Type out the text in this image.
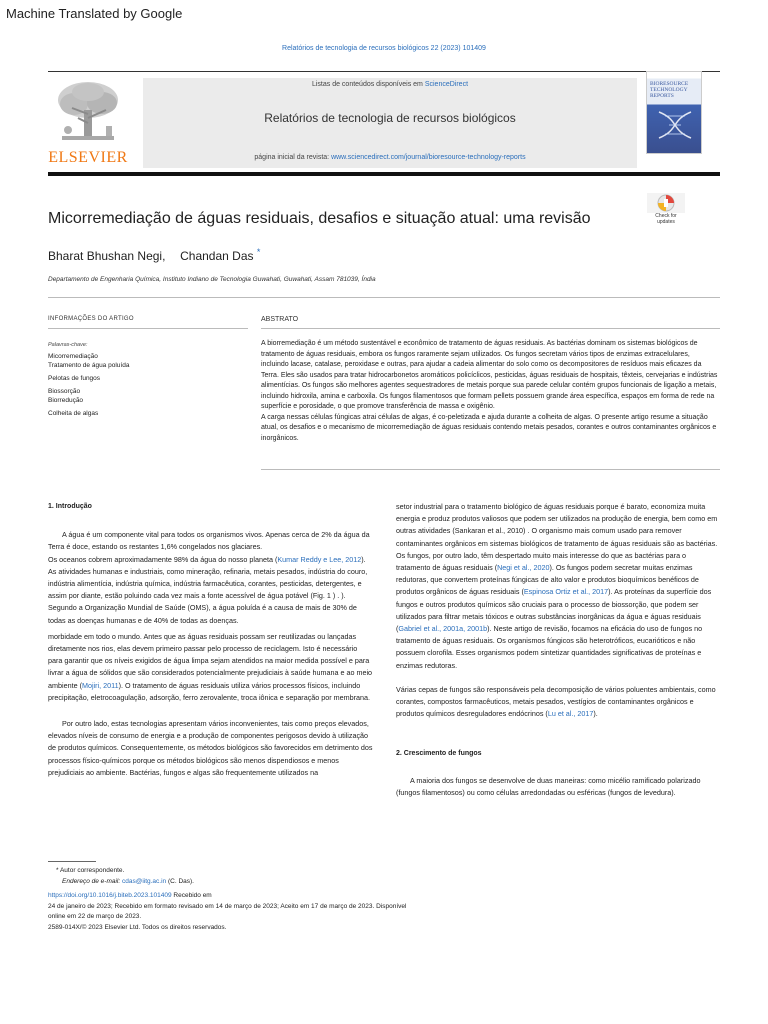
Machine Translated by Google
Relatórios de tecnologia de recursos biológicos 22 (2023) 101409
ELSEVIER
Listas de conteúdos disponíveis em ScienceDirect
Relatórios de tecnologia de recursos biológicos
página inicial da revista: www.sciencedirect.com/journal/bioresource-technology-reports
BIORESOURCE
TECHNOLOGY
REPORTS
Micorremediação de águas residuais, desafios e situação atual: uma revisão	Check for
updates
Bharat Bhushan Negi, Chandan Das *
Departamento de Engenharia Química, Instituto Indiano de Tecnologia Guwahati, Guwahati, Assam 781039, Índia
INFORMAÇÕES DO ARTIGO	ABSTRATO
Palavras-chave:
Micorremediação
Tratamento de água poluída
Pelotas de fungos
Biossorção
Biorredução
Colheita de algas

A biorremediação é um método sustentável e econômico de tratamento de águas residuais. As bactérias dominam os sistemas biológicos de tratamento de águas residuais, embora os fungos raramente sejam utilizados. Os fungos secretam vários tipos de enzimas extracelulares, incluindo lacase, catalase, peroxidase e outras, para ajudar a cadeia alimentar do solo como os decompositores de resíduos mais eficazes da Terra. Eles são usados para tratar hidrocarbonetos aromáticos policíclicos, pesticidas, águas residuais de hospitais, têxteis, cervejarias e indústrias alimentícias. Os fungos são melhores agentes sequestradores de metais porque sua parede celular contém grupos funcionais de ligação a metais, incluindo hidroxila, amina e carboxila. Os fungos filamentosos que formam pellets possuem grande área específica, espaços em forma de rede na superfície e porosidade, o que promove transferência de massa e oxigênio.

A carga nessas células fúngicas atrai células de algas, é co-peletizada e ajuda durante a colheita de algas. O presente artigo resume a situação atual, os desafios e o mecanismo de micorremediação de águas residuais contendo metais pesados, corantes e outros contaminantes orgânicos e inorgânicos.

1. Introdução

A água é um componente vital para todos os organismos vivos. Apenas cerca de 2% da água da Terra é doce, estando os restantes 1,6% congelados nos glaciares.

Os oceanos cobrem aproximadamente 98% da água do nosso planeta (Kumar Reddy e Lee, 2012). As atividades humanas e industriais, como mineração, refinaria, metais pesados, indústria do couro, indústria alimentícia, indústria química, indústria farmacêutica, corantes, pesticidas, detergentes, e assim por diante, estão poluindo cada vez mais a fonte acessível de água potável (Fig. 1 ) . ). Segundo a Organização Mundial de Saúde (OMS), a água poluída é a causa de mais de 30% de todas as doenças humanas e de 40% de todas as doenças.

morbidade em todo o mundo. Antes que as águas residuais possam ser reutilizadas ou lançadas diretamente nos rios, elas devem primeiro passar pelo processo de reciclagem. Isto é necessário para garantir que os níveis exigidos de água limpa sejam atendidos na maior medida possível e para livrar a água de sólidos que são considerados potencialmente prejudiciais à saúde humana e ao meio ambiente (Mojiri, 2011). O tratamento de águas residuais utiliza vários processos físicos, incluindo precipitação, eletrocoagulação, adsorção, ferro zerovalente, troca iônica e separação por membrana.

Por outro lado, estas tecnologias apresentam vários inconvenientes, tais como preços elevados, elevados níveis de consumo de energia e a produção de componentes perigosos devido à utilização de produtos químicos. Consequentemente, os métodos biológicos são favorecidos em detrimento dos processos físico-químicos porque os métodos biológicos são menos dispendiosos e menos prejudiciais ao ambiente. Bactérias, fungos e algas são frequentemente utilizados na

setor industrial para o tratamento biológico de águas residuais porque é barato, economiza muita energia e produz produtos valiosos que podem ser utilizados na produção de energia, bem como em outras atividades (Sankaran et al., 2010) . O organismo mais comum usado para remover contaminantes orgânicos em sistemas biológicos de tratamento de águas residuais são as bactérias.

Os fungos, por outro lado, têm despertado muito mais interesse do que as bactérias para o tratamento de águas residuais (Negi et al., 2020). Os fungos podem secretar muitas enzimas redutoras, que convertem proteínas fúngicas de alto valor e produtos bioquímicos benéficos de produtos orgânicos de águas residuais (Espinosa Ortiz et al., 2017). As proteínas da superfície dos fungos e outros produtos químicos são cruciais para o processo de biossorção, que podem ser utilizados para filtrar metais tóxicos e outras substâncias inorgânicas da água e águas residuais (Gabriel et al., 2001a, 2001b). Neste artigo de revisão, focamos na eficácia do uso de fungos no tratamento de águas residuais. Os organismos fúngicos são heterotróficos, eucarióticos e não possuem clorofila. Esses organismos podem sintetizar quantidades significativas de proteínas e enzimas redutoras.

Várias cepas de fungos são responsáveis pela decomposição de vários poluentes ambientais, como corantes, compostos farmacêuticos, metais pesados, vestígios de contaminantes orgânicos e produtos químicos desreguladores endócrinos (Lu et al., 2017).

2. Crescimento de fungos

A maioria dos fungos se desenvolve de duas maneiras: como micélio ramificado polarizado (fungos filamentosos) ou como células arredondadas ou esféricas (fungos de levedura).

* Autor correspondente.
Endereço de e-mail: cdas@iitg.ac.in (C. Das).
https://doi.org/10.1016/j.biteb.2023.101409 Recebido em
24 de janeiro de 2023; Recebido em formato revisado em 14 de março de 2023; Aceito em 17 de março de 2023. Disponível
online em 22 de março de 2023.
2589-014X/© 2023 Elsevier Ltd. Todos os direitos reservados.
